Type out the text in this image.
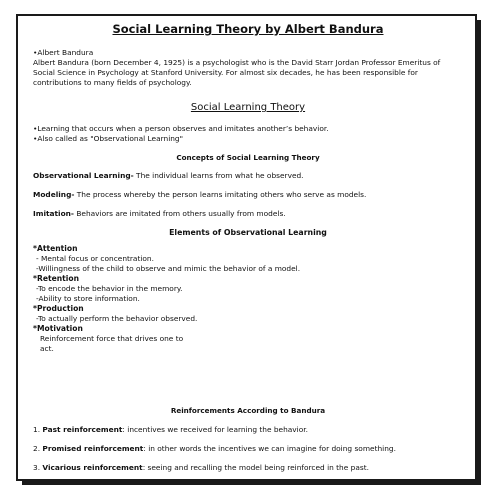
Social Learning Theory by Albert Bandura
•Albert Bandura
Albert Bandura (born December 4, 1925) is a psychologist who is the David Starr Jordan Professor Emeritus of Social Science in Psychology at Stanford University. For almost six decades, he has been responsible for contributions to many fields of psychology.
Social Learning Theory
•Learning that occurs when a person observes and imitates another’s behavior.
•Also called as "Observational Learning"
Concepts of Social Learning Theory
Observational Learning- The individual learns from what he observed.
Modeling- The process whereby the person learns imitating others who serve as models.
Imitation- Behaviors are imitated from others usually from models.
Elements of Observational Learning
*Attention
- Mental focus or concentration.
-Willingness of the child to observe and mimic the behavior of a model.
*Retention
-To encode the behavior in the memory.
-Ability to store information.
*Production
-To actually perform the behavior observed.
*Motivation
Reinforcement force that drives one to
act.
Reinforcements According to Bandura
1. Past reinforcement: incentives we received for learning the behavior.
2. Promised reinforcement: in other words the incentives we can imagine for doing something.
3. Vicarious reinforcement: seeing and recalling the model being reinforced in the past.
